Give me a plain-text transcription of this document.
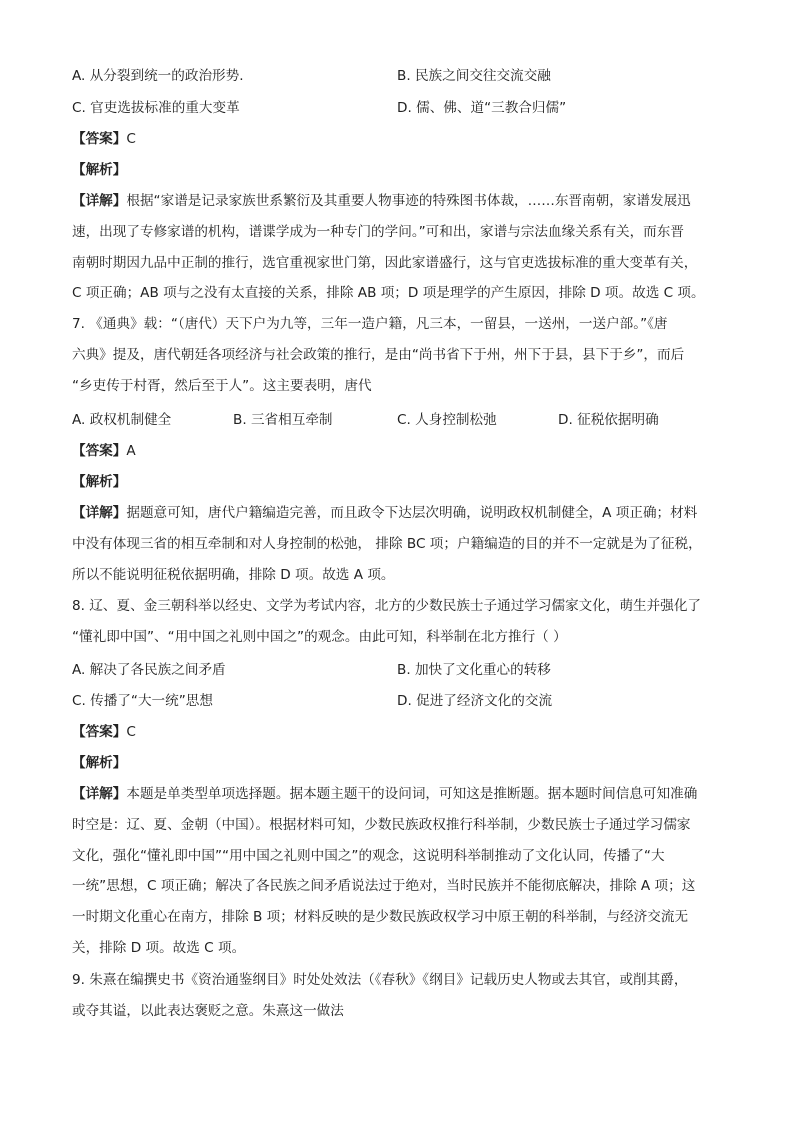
A. 从分裂到统一的政治形势.	B. 民族之间交往交流交融
C. 官吏选拔标准的重大变革	D. 儒、佛、道“三教合归儒”
【答案】C
【解析】
【详解】根据“家谱是记录家族世系繁衍及其重要人物事迹的特殊图书体裁，……东晋南朝，家谱发展迅
速，出现了专修家谱的机构，谱谍学成为一种专门的学问。”可和出，家谱与宗法血缘关系有关，而东晋
南朝时期因九品中正制的推行，选官重视家世门第，因此家谱盛行，这与官吏选拔标准的重大变革有关，
C 项正确；AB 项与之没有太直接的关系，排除 AB 项；D 项是理学的产生原因，排除 D 项。故选 C 项。
7. 《通典》载：“（唐代）天下户为九等，三年一造户籍，凡三本，一留县，一送州，一送户部。”《唐
六典》提及，唐代朝廷各项经济与社会政策的推行，是由“尚书省下于州，州下于县，县下于乡”，而后
“乡吏传于村胥，然后至于人”。这主要表明，唐代
A. 政权机制健全	B. 三省相互牵制	C. 人身控制松弛	D. 征税依据明确
【答案】A
【解析】
【详解】据题意可知，唐代户籍编造完善，而且政令下达层次明确，说明政权机制健全，A 项正确；材料
中没有体现三省的相互牵制和对人身控制的松弛， 排除 BC 项；户籍编造的目的并不一定就是为了征税，
所以不能说明征税依据明确，排除 D 项。故选 A 项。
8. 辽、夏、金三朝科举以经史、文学为考试内容，北方的少数民族士子通过学习儒家文化，萌生并强化了
“懂礼即中国”、“用中国之礼则中国之”的观念。由此可知，科举制在北方推行（ ）
A. 解决了各民族之间矛盾	B. 加快了文化重心的转移
C. 传播了“大一统”思想	D. 促进了经济文化的交流
【答案】C
【解析】
【详解】本题是单类型单项选择题。据本题主题干的设问词，可知这是推断题。据本题时间信息可知准确
时空是：辽、夏、金朝（中国）。根据材料可知，少数民族政权推行科举制，少数民族士子通过学习儒家
文化，强化“懂礼即中国”“用中国之礼则中国之”的观念，这说明科举制推动了文化认同，传播了“大
一统”思想，C 项正确；解决了各民族之间矛盾说法过于绝对，当时民族并不能彻底解决，排除 A 项；这
一时期文化重心在南方，排除 B 项；材料反映的是少数民族政权学习中原王朝的科举制，与经济交流无
关，排除 D 项。故选 C 项。
9. 朱熹在编撰史书《资治通鉴纲目》时处处效法（《春秋》《纲目》记载历史人物或去其官，或削其爵，
或夺其谥，以此表达褒贬之意。朱熹这一做法
